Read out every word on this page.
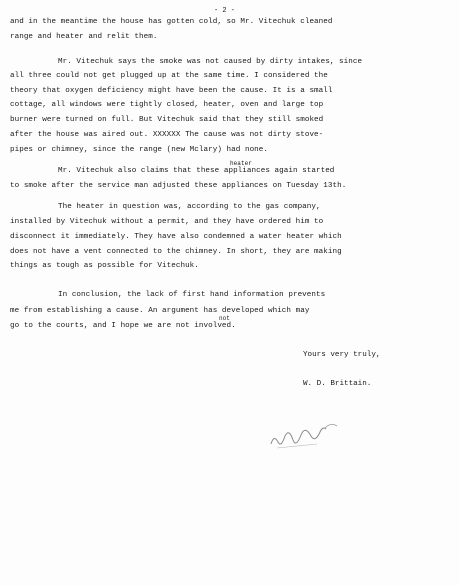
- 2 -
and in the meantime the house has gotten cold, so Mr. Vitechuk cleaned
range and heater and relit them.
Mr. Vitechuk says the smoke was not caused by dirty intakes, since
all three could not get plugged up at the same time. I considered the
theory that oxygen deficiency might have been the cause. It is a small
cottage, all windows were tightly closed, heater, oven and large top
burner were turned on full. But Vitechuk said that they still smoked
after the house was aired out. XXXXXX The cause was not dirty stove-
pipes or chimney, since the range (new Mclary) had none.
Mr. Vitechuk also claims that these appliances again started
to smoke after the service man adjusted these appliances on Tuesday 13th.
The heater in question was, according to the gas company,
installed by Vitechuk without a permit, and they have ordered him to
disconnect it immediately. They have also condemned a water heater which
does not have a vent connected to the chimney. In short, they are making
things as tough as possible for Vitechuk.
In conclusion, the lack of first hand information prevents
me from establishing a cause. An argument has developed which may
go to the courts, and I hope we are not involved.
heater
not
Yours very truly,
W. D. Brittain.
